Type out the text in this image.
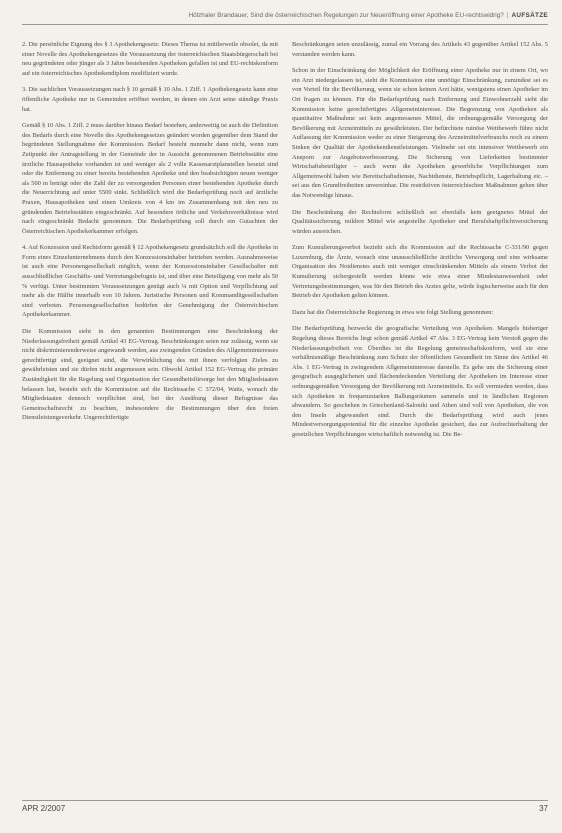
Hölzhaler Brandauer, Sind die österreichischen Regelungen zur Neueröffnung einer Apotheke EU-rechtswidrig? | AUFSÄTZE

2. Die persönliche Eignung des § 3 Apothekengesetz: Dieses Thema ist mittlerweile obsolet, da mit einer Novelle des Apothekengesetzes die Voraussetzung der österreichischen Staatsbürgerschaft bei neu gegründeten oder jünger als 3 Jahre bestehenden Apotheken gefallen ist und EU-rechtskonform auf ein österreichisches Apothekendiplom modifiziert wurde.

3. Die sachlichen Voraussetzungen nach § 10 gemäß § 10 Abs. 1 Ziff. 1 Apothekengesetz kann eine öffentliche Apotheke nur in Gemeinden eröffnet werden, in denen ein Arzt seine ständige Praxis hat.

Gemäß § 10 Abs. 1 Ziff. 2 muss darüber hinaus Bedarf bestehen, anderweitig ist auch die Definition des Bedarfs durch eine Novelle des Apothekengesetzes geändert worden gegenüber dem Stand der begründeten Stellungnahme der Kommission. Bedarf besteht nunmehr dann nicht, wenn zum Zeitpunkt der Antragstellung in der Gemeinde der in Aussicht genommenen Betriebsstätte eine ärztliche Hausapotheke vorhanden ist und weniger als 2 volle Kassenarztplanstellen besetzt sind oder die Entfernung zu einer bereits bestehenden Apotheke und den beabsichtigten neuen weniger als 500 m beträgt oder die Zahl der zu versorgenden Personen einer bestehenden Apotheke durch die Neuerrichtung auf unter 5500 sinkt. Schließlich wird die Bedarfsprüfung noch auf ärztliche Praxen, Hausapotheken und einen Umkreis von 4 km im Zusammenhang mit den neu zu gründenden Betriebsstätten eingeschränkt. Auf besondere örtliche und Verkehrsverhältnisse wird nach eingeschränkt Bedacht genommen. Die Bedarfsprüfung soll durch ein Gutachten der Österreichischen Apothekerkammer erfolgen.

4. Auf Konzession und Rechtsform gemäß § 12 Apothekengesetz grundsätzlich soll die Apotheke in Form eines Einzelunternehmens durch den Konzessionsinhaber betrieben werden. Ausnahmsweise ist auch eine Personengesellschaft möglich, wenn der Konzessionsinhaber Gesellschafter mit ausschließlicher Geschäfts- und Vertretungsbefugnis ist, und über eine Beteiligung von mehr als 50 % verfügt. Unter bestimmten Voraussetzungen genügt auch ¼ mit Option und Verpflichtung auf mehr als die Hälfte innerhalb von 10 Jahren. Juristische Personen und Kommanditgesellschaften sind verboten. Personengesellschaften bedürfen der Genehmigung der Österreichischen Apothekerkammer.

Die Kommission sieht in den genannten Bestimmungen eine Beschränkung der Niederlassungsfreiheit gemäß Artikel 43 EG-Vertrag. Beschränkungen seien nur zulässig, wenn sie nicht diskriminierenderweise angewandt werden, aus zwingenden Gründen des Allgemeininteresses gerechtfertigt sind, geeignet sind, die Verwirklichung des mit ihnen verfolgten Zieles zu gewährleisten und sie dürfen nicht angemessen sein. Obwohl Artikel 152 EG-Vertrag die primäre Zuständigkeit für die Regelung und Organisation der Gesundheitsfürsorge bei den Mitgliedstaaten belassen hat, besteht sich die Kommission auf die Rechtssache C 372/04, Watts, wonach die Mitgliedstaaten dennoch verpflichtet sind, bei der Ausübung dieser Befugnisse das Gemeinschaftsrecht zu beachten, insbesondere die Bestimmungen über den freien Dienstleistungsverkehr. Ungerechtfertigte

Beschränkungen seien unzulässig, zumal ein Vorrang des Artikels 43 gegenüber Artikel 152 Abs. 5 verstanden werden kann.

Schon in der Einschränkung der Möglichkeit der Eröffnung einer Apotheke nur in einem Ort, wo ein Arzt niedergelassen ist, sieht die Kommission eine unnötige Einschränkung, zumindest sei es von Vorteil für die Bevölkerung, wenn sie schon keinen Arzt hätte, wenigstens einen Apotheker im Ort fragen zu können. Für die Bedarfsprüfung nach Entfernung und Einwohnerzahl sieht die Kommission keine gerechtfertigtes Allgemeininteresse. Die Begrenzung von Apotheken als quantitative Maßnahme sei kein angemessenes Mittel, die ordnungsgemäße Versorgung der Bevölkerung mit Arzneimitteln zu gewährleisten. Der befürchtete ruinöse Wettbewerb führe nicht Auflassung der Kommission weder zu einer Steigerung des Arzneimittelverbrauchs noch zu einem Sinken der Qualität der Apothekendienstleistungen. Vielmehr sei ein intensiver Wettbewerb ein Ansporn zur Angebotsverbesserung. Die Sicherung von Lieferketten bestimmter Wirtschaftsbeteiligter – auch wenn die Apotheken gewerbliche Verpflichtungen zum Allgemeinwohl haben wie Bereitschaftsdienste, Nachtdienste, Betriebspflicht, Lagerhaltung etc. – sei aus den Grundfreiheiten unvereinbar. Die restriktiven österreichischen Maßnahmen gehen über das Notwendige hinaus.

Die Beschränkung der Rechtsform schließlich sei ebenfalls kein geeignetes Mittel der Qualitätssicherung, mildere Mittel wie angestellte Apotheker und Berufshaftpflichtversicherung würden ausreichen.

Zum Kumulierungsverbot bezieht sich die Kommission auf die Rechtssache C-331/90 gegen Luxemburg, die Ärzte, wonach eine unausschließliche ärztliche Versorgung und eine wirksame Organisation des Notdienstes auch mit weniger einschränkenden Mitteln als einem Verbot der Kumulierung sichergestellt werden könne wie etwa einer Mindestanwesenheit oder Vertretungsbestimmungen, was für den Betrieb des Arztes gelte, würde logischerweise auch für den Betrieb der Apotheken gelten können.

Dazu hat die Österreichische Regierung in etwa wie folgt Stellung genommen:

Die Bedarfsprüfung bezweckt die geografische Verteilung von Apotheken. Mangels bisheriger Regelung dieses Bereichs liegt schon gemäß Artikel 47 Abs. 3 EG-Vertrag kein Verstoß gegen die Niederlassungsfreiheit vor. Überdies ist die Regelung gemeinschaftskonform, weil sie eine verhältnismäßige Beschränkung zum Schutz der öffentlichen Gesundheit im Sinne des Artikel 46 Abs. 1 EG-Vertrag in zwingendem Allgemeininteresse darstelle. Es gehe um die Sicherung einer geografisch ausgeglichenen und flächendeckenden Verteilung der Apotheken im Interesse einer ordnungsgemäßen Versorgung der Bevölkerung mit Arzneimitteln. Es soll vermieden werden, dass sich Apotheken in frequenzstarken Ballungsräumen sammeln und in ländlichen Regionen abwandern. So geschehen in Griechenland-Saloniki und Athen sind voll von Apotheken, die von den Inseln abgewandert sind. Durch die Bedarfsprüfung wird auch jenes Mindestversorgungspotential für die einzelne Apotheke gesichert, das zur Aufrechterhaltung der gesetzlichen Verpflichtungen wirtschaftlich notwendig ist. Die Be-

APR 2/2007	37
